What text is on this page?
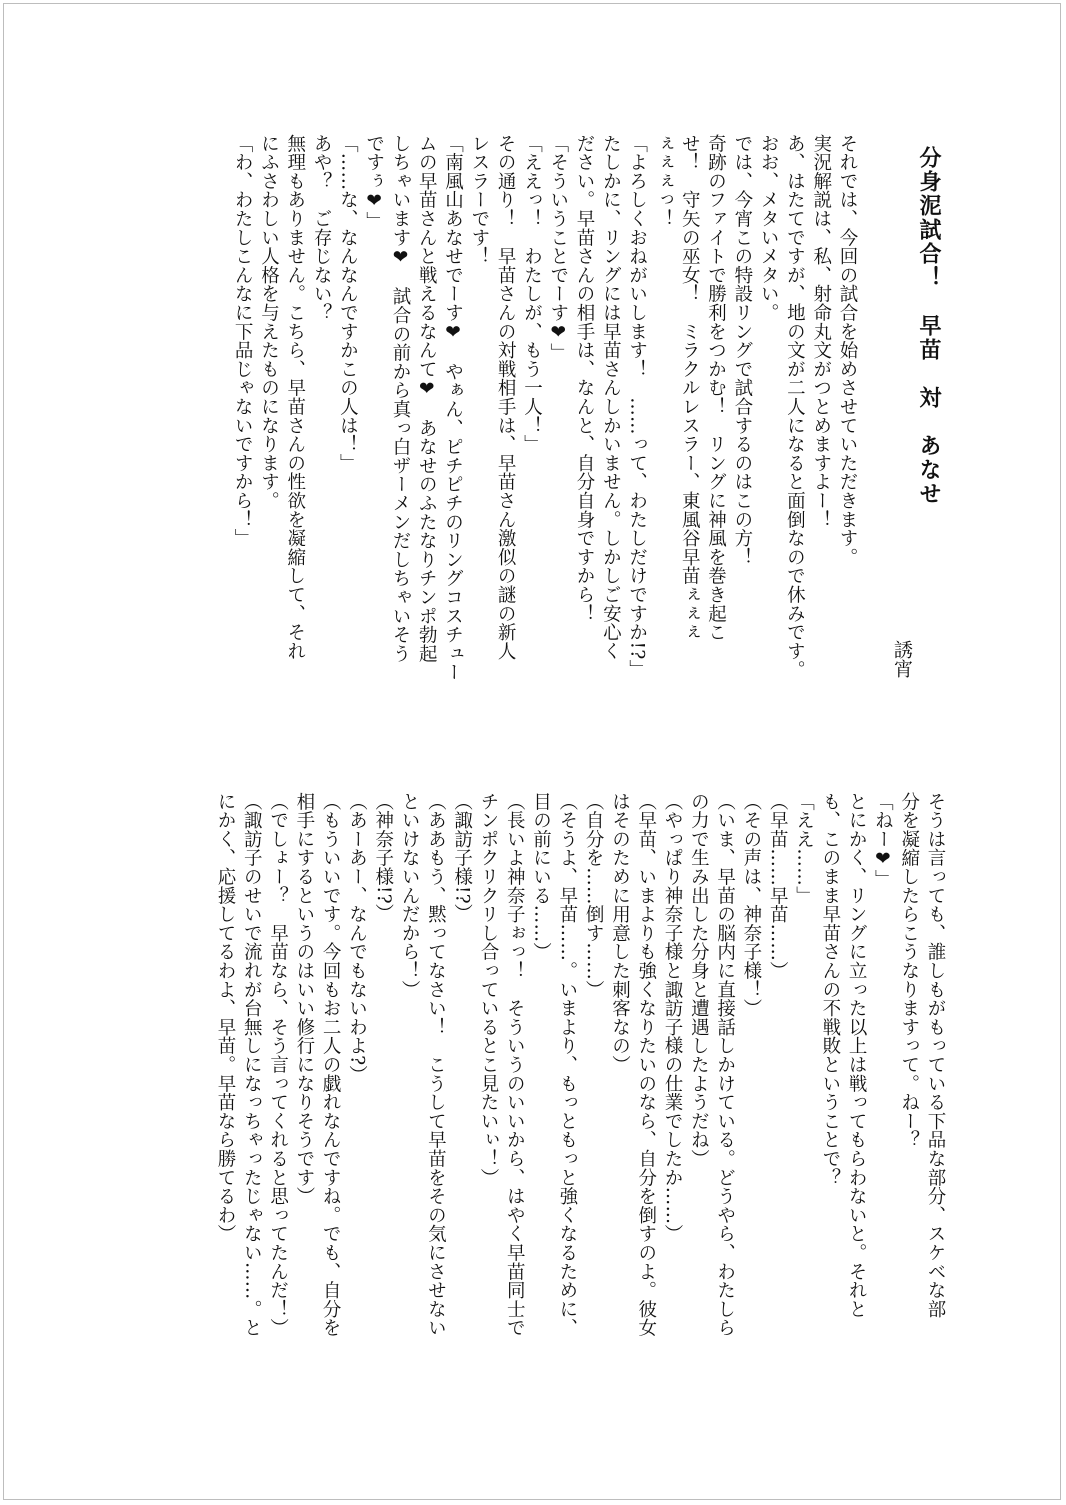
分身泥試合！　早苗　対　あなせ
誘宵
それでは、今回の試合を始めさせていただきます。
実況解説は、私、射命丸文がつとめますよー！
あ、はたてですが、地の文が二人になると面倒なので休みです。
おお、メタいメタい。
では、今宵この特設リングで試合するのはこの方！
奇跡のファイトで勝利をつかむ！　リングに神風を巻き起こ
せ！　守矢の巫女！　ミラクルレスラー、東風谷早苗ぇぇぇ
ぇぇぇっ！
「よろしくおねがいします！　……って、わたしだけですか!?」
たしかに、リングには早苗さんしかいません。しかしご安心く
ださい。早苗さんの相手は、なんと、自分自身ですから！
「そういうことでーす❤」
「ええっ！　わたしが、もう一人！」
その通り！　早苗さんの対戦相手は、早苗さん激似の謎の新人
レスラーです！
「南風山あなせでーす❤　やぁん、ピチピチのリングコスチュー
ムの早苗さんと戦えるなんて❤　あなせのふたなりチンポ勃起
しちゃいます❤　試合の前から真っ白ザーメンだしちゃいそう
ですぅ❤」
「……な、なんなんですかこの人は！」
あや？　ご存じない？
無理もありません。こちら、早苗さんの性欲を凝縮して、それ
にふさわしい人格を与えたものになります。
「わ、わたしこんなに下品じゃないですから！」
そうは言っても、誰しもがもっている下品な部分、スケベな部
分を凝縮したらこうなりますって。ねー？
「ねー❤」
とにかく、リングに立った以上は戦ってもらわないと。それと
も、このまま早苗さんの不戦敗ということで？
「ええ……」
（早苗……早苗……）
（その声は、神奈子様！）
（いま、早苗の脳内に直接話しかけている。どうやら、わたしら
の力で生み出した分身と遭遇したようだね）
（やっぱり神奈子様と諏訪子様の仕業でしたか……）
（早苗、いまよりも強くなりたいのなら、自分を倒すのよ。彼女
はそのために用意した刺客なの）
（自分を……倒す……）
（そうよ、早苗……。いまより、もっともっと強くなるために、
目の前にいる……）
（長いよ神奈子ぉっ！　そういうのいいから、はやく早苗同士で
チンポクリクリし合っているとこ見たいぃ！）
（諏訪子様!?）
（ああもう、黙ってなさい！　こうして早苗をその気にさせない
といけないんだから！）
（神奈子様!?）
（あーあー、なんでもないわよ?）
（もういいです。今回もお二人の戯れなんですね。でも、自分を
相手にするというのはいい修行になりそうです）
（でしょー？　早苗なら、そう言ってくれると思ってたんだ！）
（諏訪子のせいで流れが台無しになっちゃったじゃない……。と
にかく、応援してるわよ、早苗。早苗なら勝てるわ）
